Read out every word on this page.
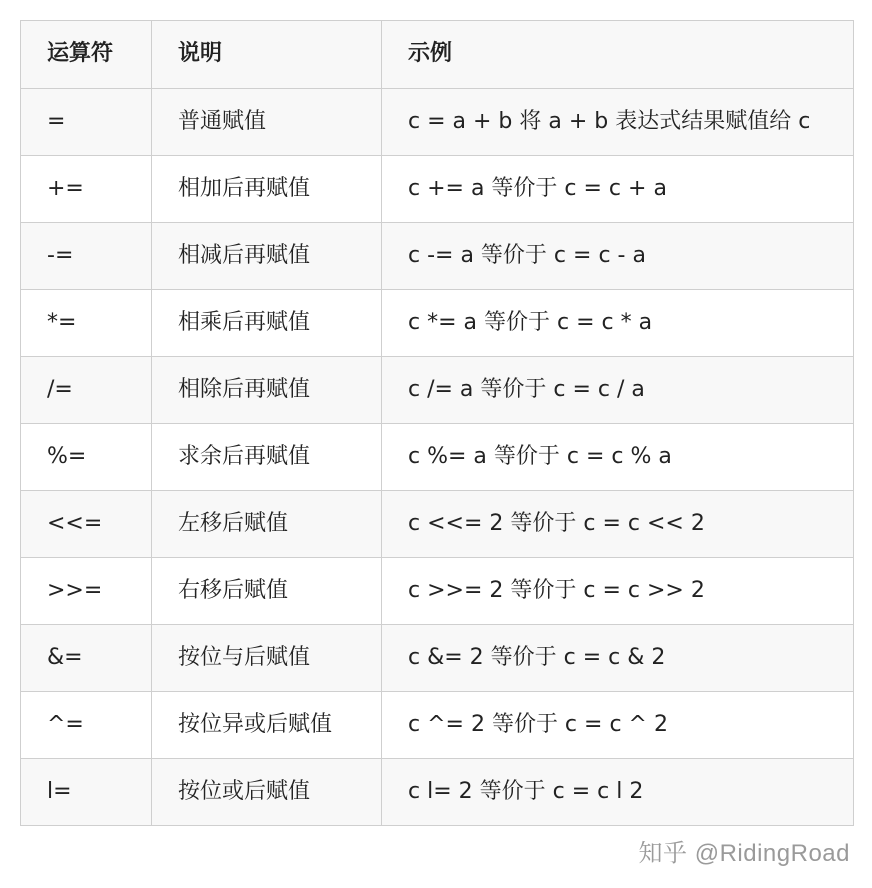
运算符	说明	示例
=	普通赋值	c = a + b 将 a + b 表达式结果赋值给 c
+=	相加后再赋值	c += a 等价于 c = c + a
-=	相减后再赋值	c -= a 等价于 c = c - a
*=	相乘后再赋值	c *= a 等价于 c = c * a
/=	相除后再赋值	c /= a 等价于 c = c / a
%=	求余后再赋值	c %= a 等价于 c = c % a
<<=	左移后赋值	c <<= 2 等价于 c = c << 2
>>=	右移后赋值	c >>= 2 等价于 c = c >> 2
&=	按位与后赋值	c &= 2 等价于 c = c & 2
^=	按位异或后赋值	c ^= 2 等价于 c = c ^ 2
l=	按位或后赋值	c l= 2 等价于 c = c l 2
知乎 @RidingRoad
